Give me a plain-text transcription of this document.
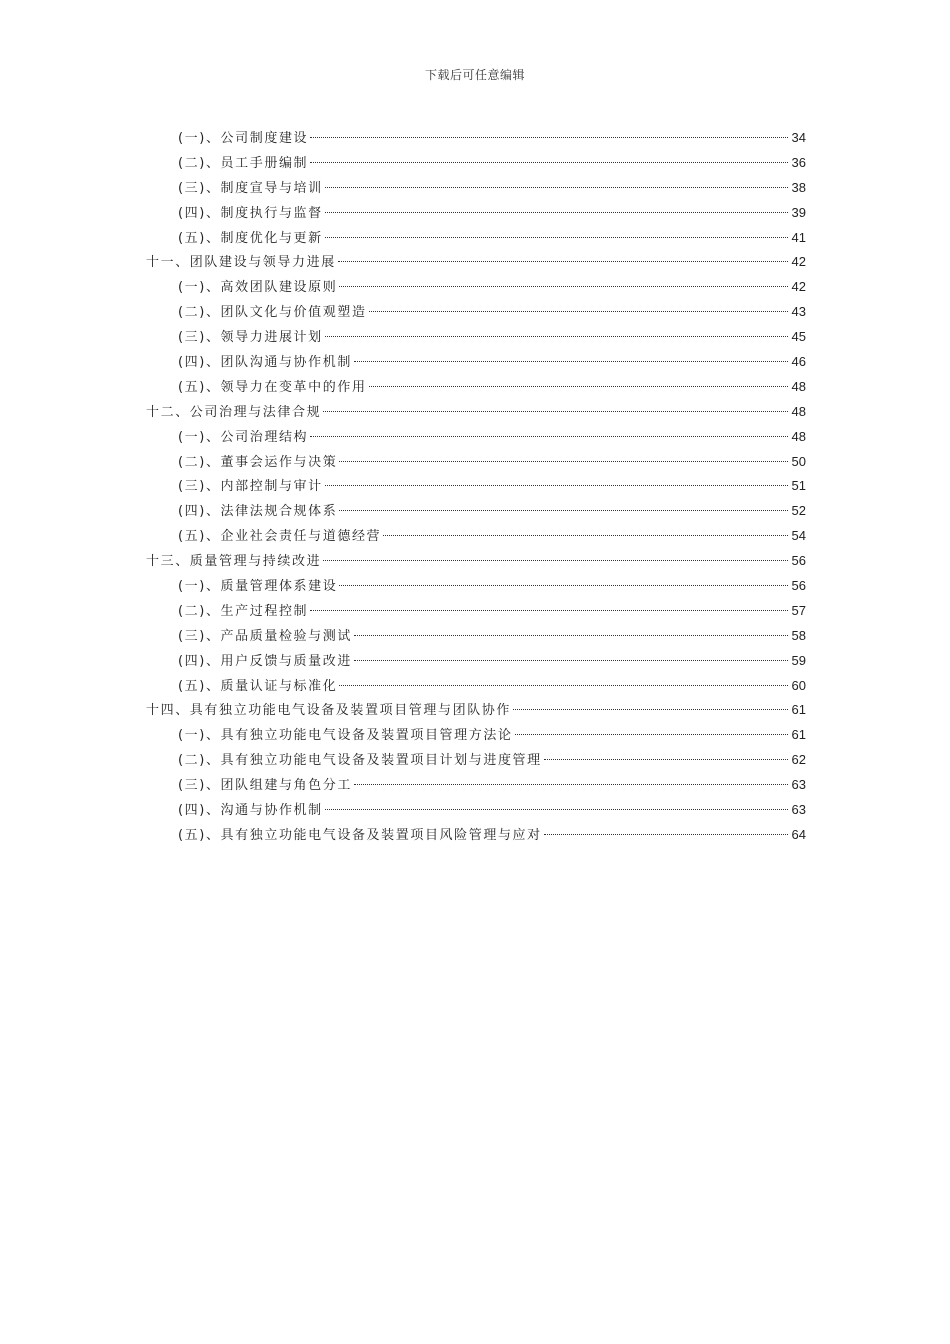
下载后可任意编辑
(一)、公司制度建设	34
(二)、员工手册编制	36
(三)、制度宣导与培训	38
(四)、制度执行与监督	39
(五)、制度优化与更新	41
十一、团队建设与领导力进展	42
(一)、高效团队建设原则	42
(二)、团队文化与价值观塑造	43
(三)、领导力进展计划	45
(四)、团队沟通与协作机制	46
(五)、领导力在变革中的作用	48
十二、公司治理与法律合规	48
(一)、公司治理结构	48
(二)、董事会运作与决策	50
(三)、内部控制与审计	51
(四)、法律法规合规体系	52
(五)、企业社会责任与道德经营	54
十三、质量管理与持续改进	56
(一)、质量管理体系建设	56
(二)、生产过程控制	57
(三)、产品质量检验与测试	58
(四)、用户反馈与质量改进	59
(五)、质量认证与标准化	60
十四、具有独立功能电气设备及装置项目管理与团队协作	61
(一)、具有独立功能电气设备及装置项目管理方法论	61
(二)、具有独立功能电气设备及装置项目计划与进度管理	62
(三)、团队组建与角色分工	63
(四)、沟通与协作机制	63
(五)、具有独立功能电气设备及装置项目风险管理与应对	64
